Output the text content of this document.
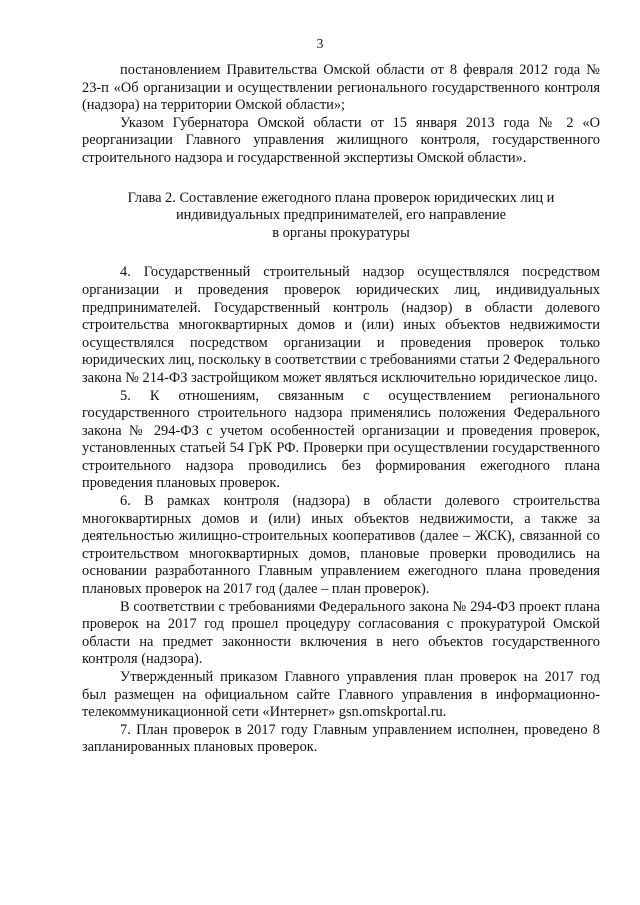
3

постановлением Правительства Омской области от 8 февраля 2012 года № 23-п «Об организации и осуществлении регионального государственного контроля (надзора) на территории Омской области»;

Указом Губернатора Омской области от 15 января 2013 года № 2 «О реорганизации Главного управления жилищного контроля, государственного строительного надзора и государственной экспертизы Омской области».

Глава 2. Составление ежегодного плана проверок юридических лиц и
индивидуальных предпринимателей, его направление
в органы прокуратуры

4. Государственный строительный надзор осуществлялся посредством организации и проведения проверок юридических лиц, индивидуальных предпринимателей. Государственный контроль (надзор) в области долевого строительства многоквартирных домов и (или) иных объектов недвижимости осуществлялся посредством организации и проведения проверок только юридических лиц, поскольку в соответствии с требованиями статьи 2 Федерального закона № 214-ФЗ застройщиком может являться исключительно юридическое лицо.

5. К отношениям, связанным с осуществлением регионального государственного строительного надзора применялись положения Федерального закона № 294-ФЗ с учетом особенностей организации и проведения проверок, установленных статьей 54 ГрК РФ. Проверки при осуществлении государственного строительного надзора проводились без формирования ежегодного плана проведения плановых проверок.

6. В рамках контроля (надзора) в области долевого строительства многоквартирных домов и (или) иных объектов недвижимости, а также за деятельностью жилищно-строительных кооперативов (далее – ЖСК), связанной со строительством многоквартирных домов, плановые проверки проводились на основании разработанного Главным управлением ежегодного плана проведения плановых проверок на 2017 год (далее – план проверок).

В соответствии с требованиями Федерального закона № 294-ФЗ проект плана проверок на 2017 год прошел процедуру согласования с прокуратурой Омской области на предмет законности включения в него объектов государственного контроля (надзора).

Утвержденный приказом Главного управления план проверок на 2017 год был размещен на официальном сайте Главного управления в информационно-телекоммуникационной сети «Интернет» gsn.omskportal.ru.

7. План проверок в 2017 году Главным управлением исполнен, проведено 8 запланированных плановых проверок.
